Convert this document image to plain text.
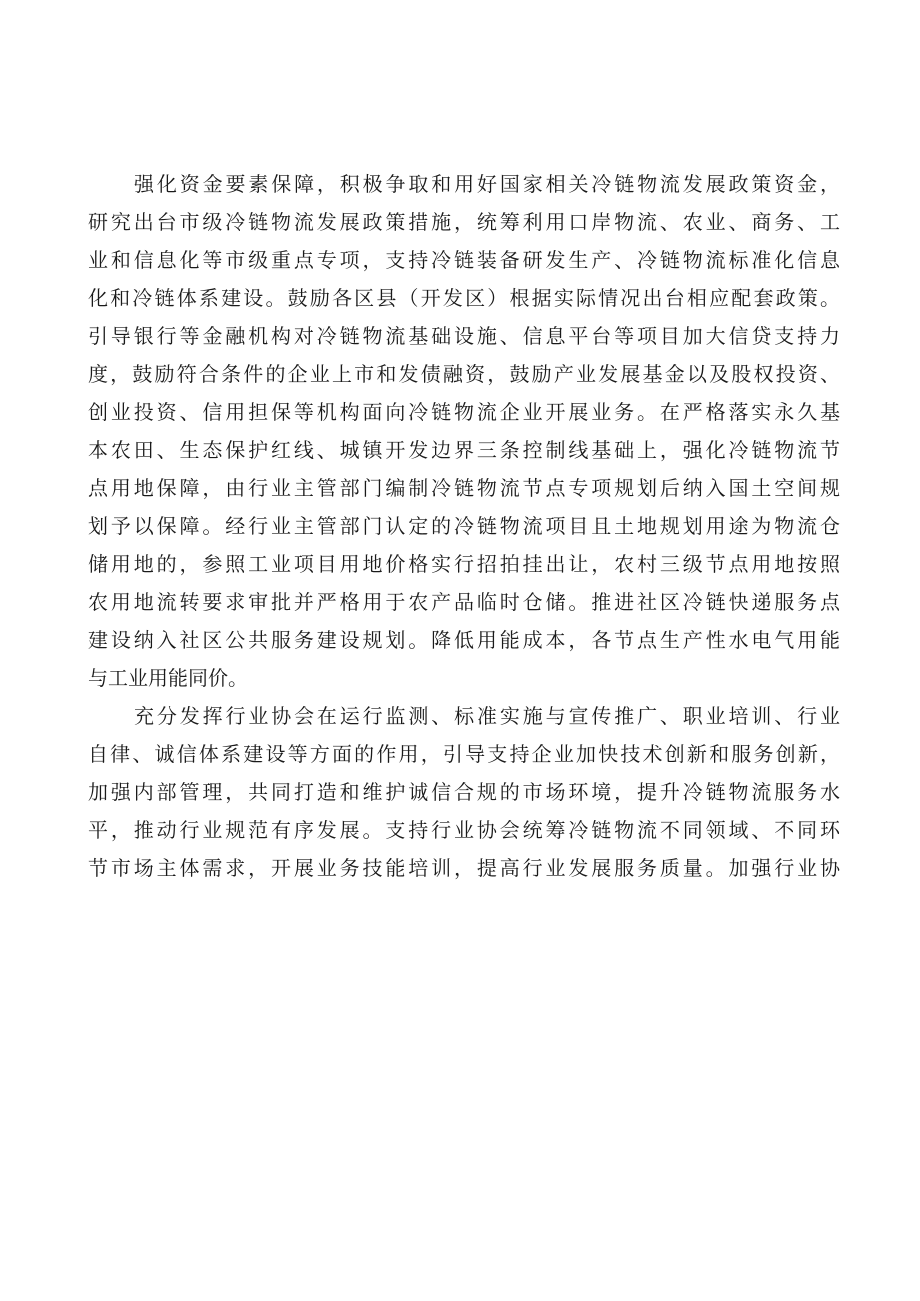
强化资金要素保障，积极争取和用好国家相关冷链物流发展政策资金，
研究出台市级冷链物流发展政策措施，统筹利用口岸物流、农业、商务、工
业和信息化等市级重点专项，支持冷链装备研发生产、冷链物流标准化信息
化和冷链体系建设。鼓励各区县（开发区）根据实际情况出台相应配套政策。
引导银行等金融机构对冷链物流基础设施、信息平台等项目加大信贷支持力
度，鼓励符合条件的企业上市和发债融资，鼓励产业发展基金以及股权投资、
创业投资、信用担保等机构面向冷链物流企业开展业务。在严格落实永久基
本农田、生态保护红线、城镇开发边界三条控制线基础上，强化冷链物流节
点用地保障，由行业主管部门编制冷链物流节点专项规划后纳入国土空间规
划予以保障。经行业主管部门认定的冷链物流项目且土地规划用途为物流仓
储用地的，参照工业项目用地价格实行招拍挂出让，农村三级节点用地按照
农用地流转要求审批并严格用于农产品临时仓储。推进社区冷链快递服务点
建设纳入社区公共服务建设规划。降低用能成本，各节点生产性水电气用能
与工业用能同价。
充分发挥行业协会在运行监测、标准实施与宣传推广、职业培训、行业
自律、诚信体系建设等方面的作用，引导支持企业加快技术创新和服务创新，
加强内部管理，共同打造和维护诚信合规的市场环境，提升冷链物流服务水
平，推动行业规范有序发展。支持行业协会统筹冷链物流不同领域、不同环
节市场主体需求，开展业务技能培训，提高行业发展服务质量。加强行业协
